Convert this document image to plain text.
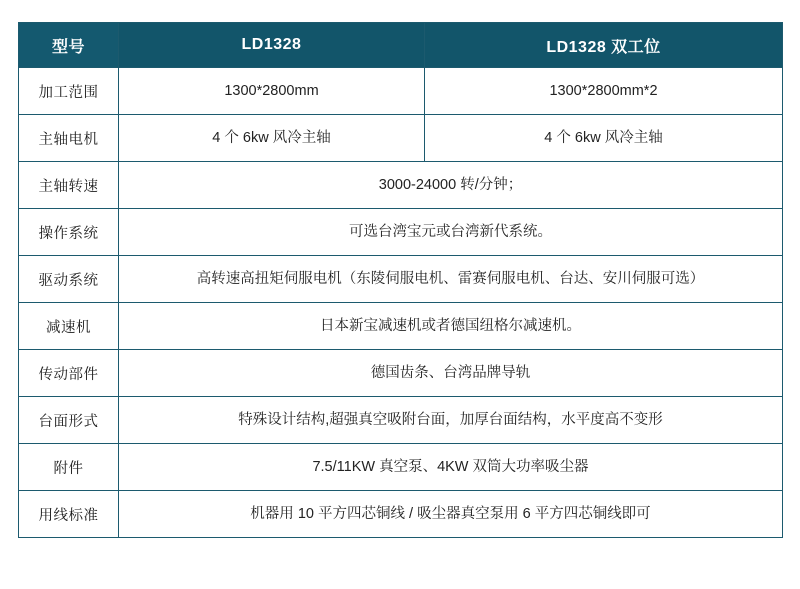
型号	LD1328	LD1328 双工位
加工范围	1300*2800mm	1300*2800mm*2
主轴电机	4 个 6kw 风冷主轴	4 个 6kw 风冷主轴
主轴转速	3000-24000 转/分钟；	
操作系统	可选台湾宝元或台湾新代系统。	
驱动系统	高转速高扭矩伺服电机（东陵伺服电机、雷赛伺服电机、台达、安川伺服可选）	
减速机	日本新宝减速机或者德国纽格尔减速机。	
传动部件	德国齿条、台湾品牌导轨	
台面形式	特殊设计结构,超强真空吸附台面，加厚台面结构，水平度高不变形	
附件	7.5/11KW 真空泵、4KW 双筒大功率吸尘器	
用线标准	机器用 10 平方四芯铜线 / 吸尘器真空泵用 6 平方四芯铜线即可	
